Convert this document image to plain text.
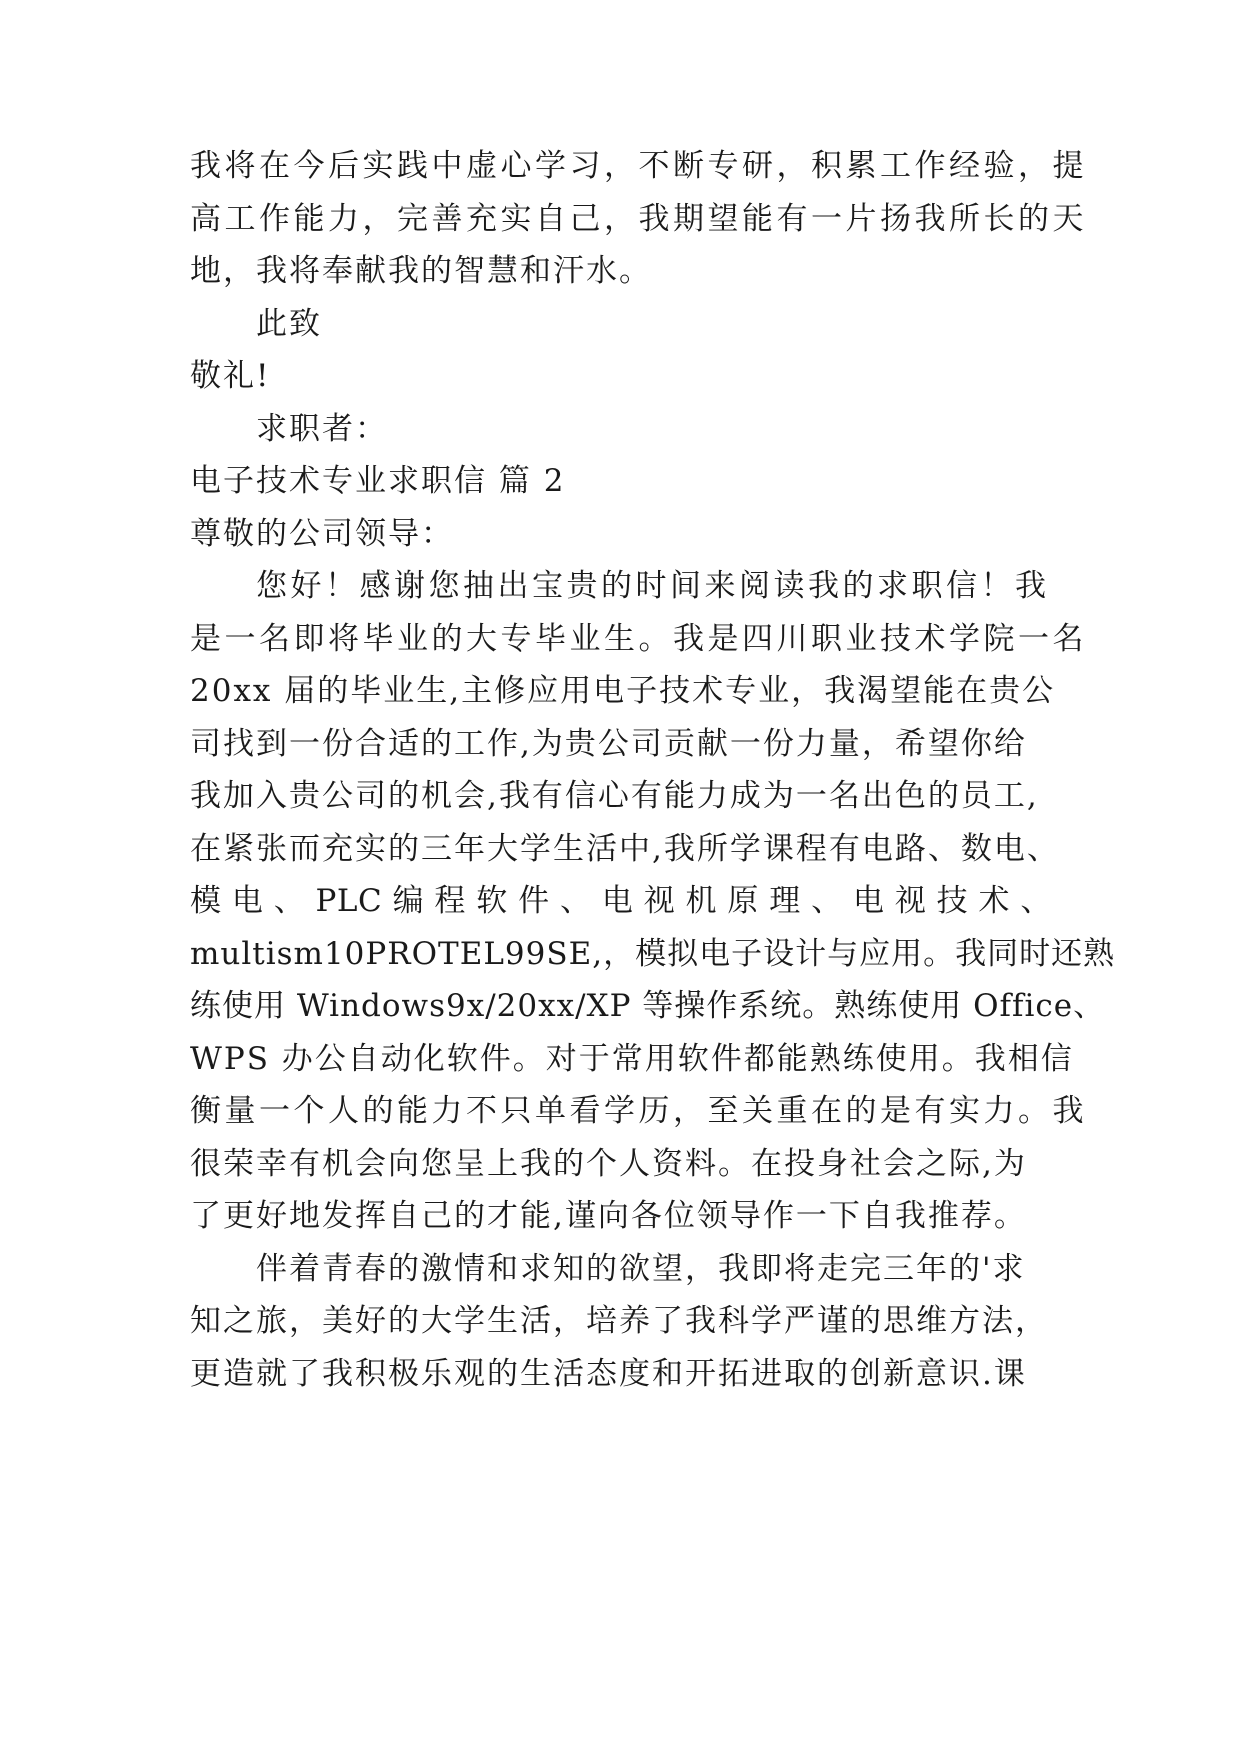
我将在今后实践中虚心学习，不断专研，积累工作经验，提
高工作能力，完善充实自己，我期望能有一片扬我所长的天
地，我将奉献我的智慧和汗水。
此致
敬礼!
求职者：
电子技术专业求职信 篇 2
尊敬的公司领导：
您好！感谢您抽出宝贵的时间来阅读我的求职信！我
是一名即将毕业的大专毕业生。我是四川职业技术学院一名
20xx 届的毕业生,主修应用电子技术专业，我渴望能在贵公
司找到一份合适的工作,为贵公司贡献一份力量，希望你给
我加入贵公司的机会,我有信心有能力成为一名出色的员工,
在紧张而充实的三年大学生活中,我所学课程有电路、数电、
模 电 、 PLC 编 程 软 件 、 电 视 机 原 理 、 电 视 技 术 、
multism10PROTEL99SE,，模拟电子设计与应用。我同时还熟
练使用 Windows9x/20xx/XP 等操作系统。熟练使用 Office、
WPS 办公自动化软件。对于常用软件都能熟练使用。我相信
衡量一个人的能力不只单看学历，至关重在的是有实力。我
很荣幸有机会向您呈上我的个人资料。在投身社会之际,为
了更好地发挥自己的才能,谨向各位领导作一下自我推荐。
伴着青春的激情和求知的欲望，我即将走完三年的'求
知之旅，美好的大学生活，培养了我科学严谨的思维方法，
更造就了我积极乐观的生活态度和开拓进取的创新意识.课
